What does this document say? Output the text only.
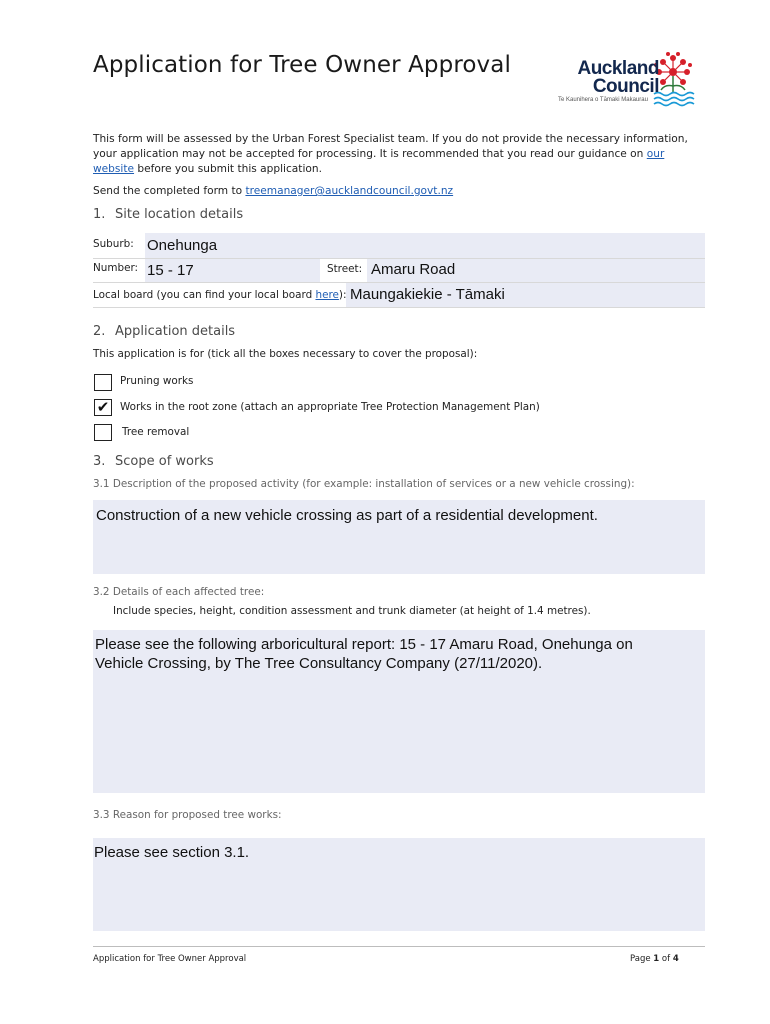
Application for Tree Owner Approval	Auckland
Council
Te Kaunihera o Tāmaki Makaurau
This form will be assessed by the Urban Forest Specialist team. If you do not provide the necessary information, your application may not be accepted for processing. It is recommended that you read our guidance on our website before you submit this application.
Send the completed form to treemanager@aucklandcouncil.govt.nz
1. Site location details
Suburb: Onehunga
Number: 15 - 17	Street: Amaru Road
Local board (you can find your local board here): Maungakiekie - Tāmaki
2. Application details
This application is for (tick all the boxes necessary to cover the proposal):
Pruning works
✔ Works in the root zone (attach an appropriate Tree Protection Management Plan)
Tree removal
3. Scope of works
3.1 Description of the proposed activity (for example: installation of services or a new vehicle crossing):
Construction of a new vehicle crossing as part of a residential development.
3.2 Details of each affected tree:
Include species, height, condition assessment and trunk diameter (at height of 1.4 metres).
Please see the following arboricultural report: 15 - 17 Amaru Road, Onehunga on Vehicle Crossing, by The Tree Consultancy Company (27/11/2020).
3.3 Reason for proposed tree works:
Please see section 3.1.
Application for Tree Owner Approval	Page 1 of 4
